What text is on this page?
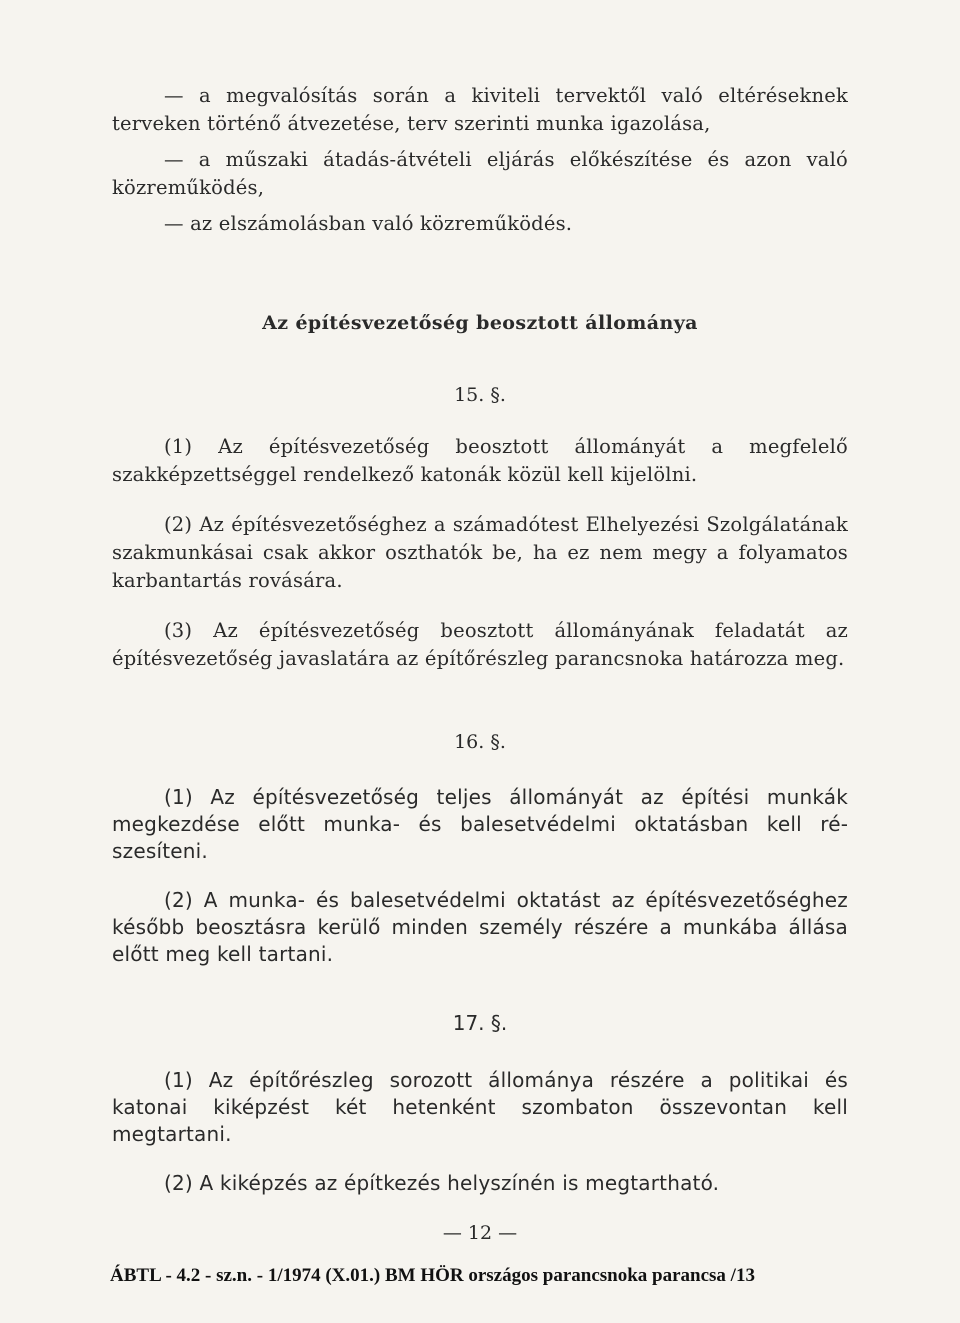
— a megvalósítás során a kiviteli tervektől való eltéréseknek terveken történő átvezetése, terv szerinti munka igazolása,

— a műszaki átadás-átvételi eljárás előkészítése és azon való közreműködés,

— az elszámolásban való közreműködés.

Az építésvezetőség beosztott állománya
15. §.

(1) Az építésvezetőség beosztott állományát a megfelelő szakképzettséggel rendelkező katonák közül kell kijelölni.

(2) Az építésvezetőséghez a számadótest Elhelyezési Szolgálatának szakmunkásai csak akkor oszthatók be, ha ez nem megy a folyamatos karbantartás rovására.

(3) Az építésvezetőség beosztott állományának feladatát az építésvezetőség javaslatára az építőrészleg parancsnoka határozza meg.

16. §.

(1) Az építésvezetőség teljes állományát az építési munkák megkezdése előtt munka- és balesetvédelmi oktatásban kell részesíteni.

(2) A munka- és balesetvédelmi oktatást az építésvezetőséghez később beosztásra kerülő minden személy részére a munkába állása előtt meg kell tartani.

17. §.

(1) Az építőrészleg sorozott állománya részére a politikai és katonai kiképzést két hetenként szombaton összevontan kell megtartani.

(2) A kiképzés az építkezés helyszínén is megtartható.

— 12 —
ÁBTL - 4.2 - sz.n. - 1/1974 (X.01.) BM HÖR országos parancsnoka parancsa /13
